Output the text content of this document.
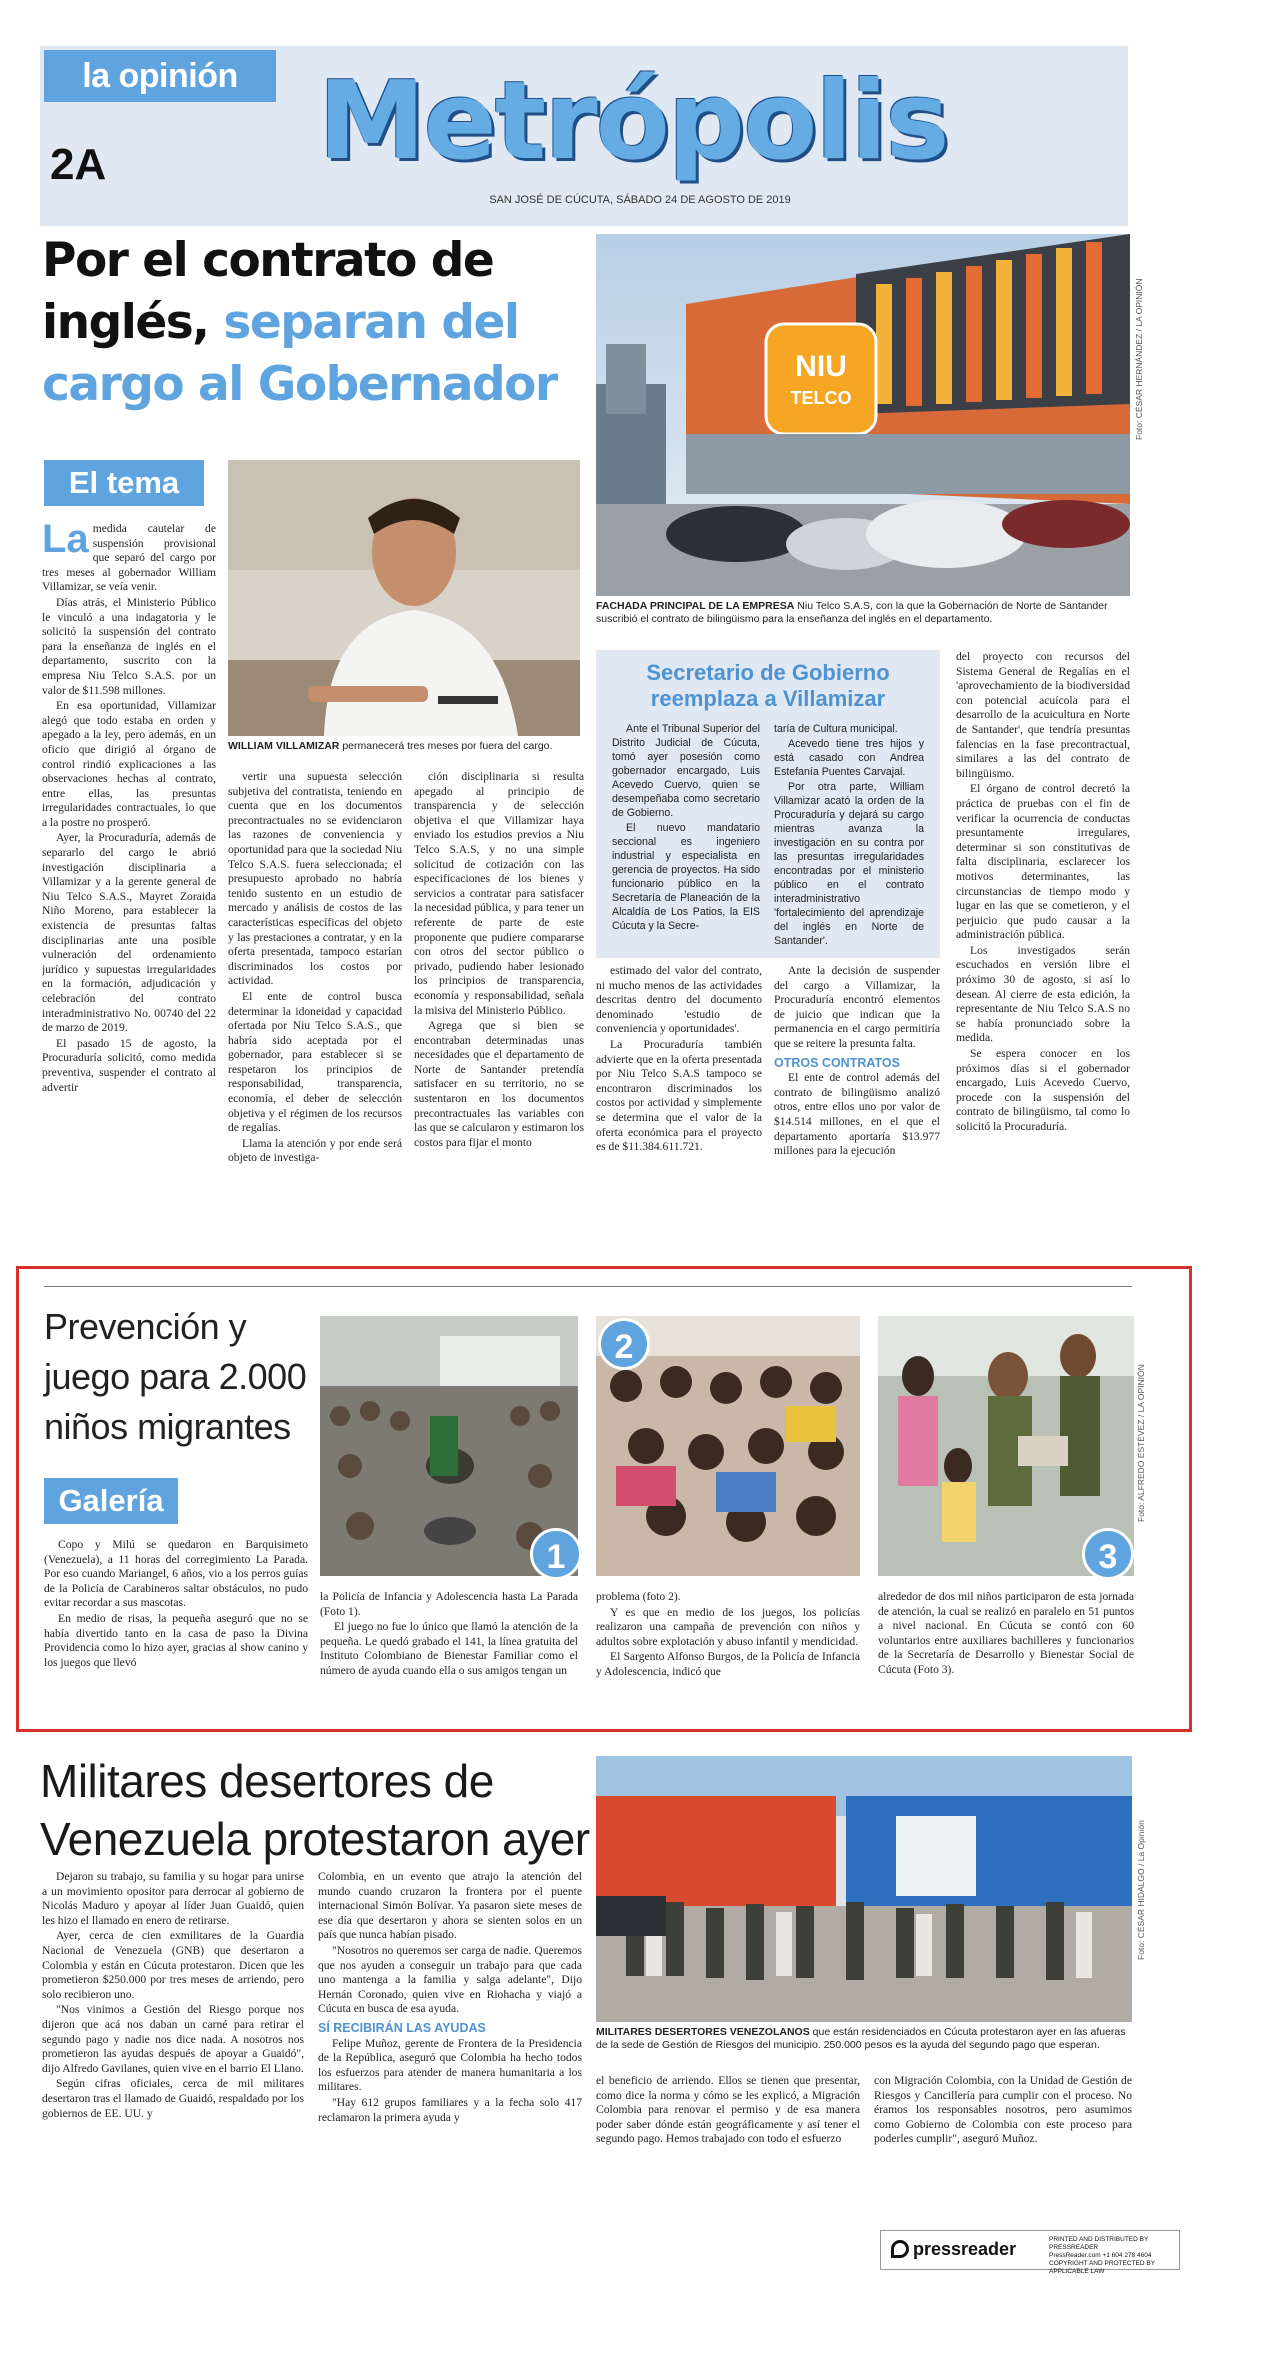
la opinión
2A Metrópolis
SAN JOSÉ DE CÚCUTA, SÁBADO 24 DE AGOSTO DE 2019
Por el contrato de inglés, separan del cargo al Gobernador	NIU
TELCO	Foto: CÉSAR HERNÁNDEZ / LA OPINIÓN
FACHADA PRINCIPAL DE LA EMPRESA Niu Telco S.A.S, con la que la Gobernación de Norte de Santander suscribió el contrato de bilingüismo para la enseñanza del inglés en el departamento.
WILLIAM VILLAMIZAR permanecerá tres meses por fuera del cargo.
El tema

La medida cautelar de suspensión provisional que separó del cargo por tres meses al gobernador William Villamizar, se veía venir.

Días atrás, el Ministerio Público le vinculó a una indagatoria y le solicitó la suspensión del contrato para la enseñanza de inglés en el departamento, suscrito con la empresa Niu Telco S.A.S. por un valor de $11.598 millones.

En esa oportunidad, Villamizar alegó que todo estaba en orden y apegado a la ley, pero además, en un oficio que dirigió al órgano de control rindió explicaciones a las observaciones hechas al contrato, entre ellas, las presuntas irregularidades contractuales, lo que a la postre no prosperó.

Ayer, la Procuraduría, además de separarlo del cargo le abrió investigación disciplinaria a Villamizar y a la gerente general de Niu Telco S.A.S., Mayret Zoraida Niño Moreno, para establecer la existencia de presuntas faltas disciplinarias ante una posible vulneración del ordenamiento jurídico y supuestas irregularidades en la formación, adjudicación y celebración del contrato interadministrativo No. 00740 del 22 de marzo de 2019.

El pasado 15 de agosto, la Procuraduría solicitó, como medida preventiva, suspender el contrato al advertir

vertir una supuesta selección subjetiva del contratista, teniendo en cuenta que en los documentos precontractuales no se evidenciaron las razones de conveniencia y oportunidad para que la sociedad Niu Telco S.A.S. fuera seleccionada; el presupuesto aprobado no habría tenido sustento en un estudio de mercado y análisis de costos de las características específicas del objeto y las prestaciones a contratar, y en la oferta presentada, tampoco estarían discriminados los costos por actividad.

El ente de control busca determinar la idoneidad y capacidad ofertada por Niu Telco S.A.S., que habría sido aceptada por el gobernador, para establecer si se respetaron los principios de responsabilidad, transparencia, economía, el deber de selección objetiva y el régimen de los recursos de regalías.

Llama la atención y por ende será objeto de investiga-

ción disciplinaria si resulta apegado al principio de transparencia y de selección objetiva el que Villamizar haya enviado los estudios previos a Niu Telco S.A.S, y no una simple solicitud de cotización con las especificaciones de los bienes y servicios a contratar para satisfacer la necesidad pública, y para tener un referente de parte de este proponente que pudiere compararse con otros del sector público o privado, pudiendo haber lesionado los principios de transparencia, economía y responsabilidad, señala la misiva del Ministerio Público.

Agrega que si bien se encontraban determinadas unas necesidades que el departamento de Norte de Santander pretendía satisfacer en su territorio, no se sustentaron en los documentos precontractuales las variables con las que se calcularon y estimaron los costos para fijar el monto

Secretario de Gobierno reemplaza a Villamizar

Ante el Tribunal Superior del Distrito Judicial de Cúcuta, tomó ayer posesión como gobernador encargado, Luis Acevedo Cuervo, quien se desempeñaba como secretario de Gobierno.

El nuevo mandatario seccional es ingeniero industrial y especialista en gerencia de proyectos. Ha sido funcionario público en la Secretaría de Planeación de la Alcaldía de Los Patios, la EIS Cúcuta y la Secre-

taría de Cultura municipal.

Acevedo tiene tres hijos y está casado con Andrea Estefanía Puentes Carvajal.

Por otra parte, William Villamizar acató la orden de la Procuraduría y dejará su cargo mientras avanza la investigación en su contra por las presuntas irregularidades encontradas por el ministerio público en el contrato interadministrativo 'fortalecimiento del aprendizaje del inglés en Norte de Santander'.

estimado del valor del contrato, ni mucho menos de las actividades descritas dentro del documento denominado 'estudio de conveniencia y oportunidades'.

La Procuraduría también advierte que en la oferta presentada por Niu Telco S.A.S tampoco se encontraron discriminados los costos por actividad y simplemente se determina que el valor de la oferta económica para el proyecto es de $11.384.611.721.

Ante la decisión de suspender del cargo a Villamizar, la Procuraduría encontró elementos de juicio que indican que la permanencia en el cargo permitiría que se reitere la presunta falta.

OTROS CONTRATOS

El ente de control además del contrato de bilingüismo analizó otros, entre ellos uno por valor de $14.514 millones, en el que el departamento aportaría $13.977 millones para la ejecución

del proyecto con recursos del Sistema General de Regalías en el 'aprovechamiento de la biodiversidad con potencial acuícola para el desarrollo de la acuicultura en Norte de Santander', que tendría presuntas falencias en la fase precontractual, similares a las del contrato de bilingüismo.

El órgano de control decretó la práctica de pruebas con el fin de verificar la ocurrencia de conductas presuntamente irregulares, determinar si son constitutivas de falta disciplinaria, esclarecer los motivos determinantes, las circunstancias de tiempo modo y lugar en las que se cometieron, y el perjuicio que pudo causar a la administración pública.

Los investigados serán escuchados en versión libre el próximo 30 de agosto, si así lo desean. Al cierre de esta edición, la representante de Niu Telco S.A.S no se había pronunciado sobre la medida.

Se espera conocer en los próximos días si el gobernador encargado, Luis Acevedo Cuervo, procede con la suspensión del contrato de bilingüismo, tal como lo solicitó la Procuraduría.

Prevención y juego para 2.000 niños migrantes
Galería
1
2
Foto: ALFREDO ESTÉVEZ / LA OPINIÓN
3

Copo y Milú se quedaron en Barquisimeto (Venezuela), a 11 horas del corregimiento La Parada. Por eso cuando Mariangel, 6 años, vio a los perros guías de la Policía de Carabineros saltar obstáculos, no pudo evitar recordar a sus mascotas.

En medio de risas, la pequeña aseguró que no se había divertido tanto en la casa de paso la Divina Providencia como lo hizo ayer, gracias al show canino y los juegos que llevó

la Policía de Infancia y Adolescencia hasta La Parada (Foto 1).

El juego no fue lo único que llamó la atención de la pequeña. Le quedó grabado el 141, la línea gratuita del Instituto Colombiano de Bienestar Familiar como el número de ayuda cuando ella o sus amigos tengan un

problema (foto 2).

Y es que en medio de los juegos, los policías realizaron una campaña de prevención con niños y adultos sobre explotación y abuso infantil y mendicidad.

El Sargento Alfonso Burgos, de la Policía de Infancia y Adolescencia, indicó que

alrededor de dos mil niños participaron de esta jornada de atención, la cual se realizó en paralelo en 51 puntos a nivel nacional. En Cúcuta se contó con 60 voluntarios entre auxiliares bachilleres y funcionarios de la Secretaría de Desarrollo y Bienestar Social de Cúcuta (Foto 3).

Militares desertores de Venezuela protestaron ayer	Foto: CÉSAR HIDALGO / La Opinión
MILITARES DESERTORES VENEZOLANOS que están residenciados en Cúcuta protestaron ayer en las afueras de la sede de Gestión de Riesgos del municipio. 250.000 pesos es la ayuda del segundo pago que esperan.

Dejaron su trabajo, su familia y su hogar para unirse a un movimiento opositor para derrocar al gobierno de Nicolás Maduro y apoyar al líder Juan Guaidó, quien les hizo el llamado en enero de retirarse.

Ayer, cerca de cien exmilitares de la Guardia Nacional de Venezuela (GNB) que desertaron a Colombia y están en Cúcuta protestaron. Dicen que les prometieron $250.000 por tres meses de arriendo, pero solo recibieron uno.

"Nos vinimos a Gestión del Riesgo porque nos dijeron que acá nos daban un carné para retirar el segundo pago y nadie nos dice nada. A nosotros nos prometieron las ayudas después de apoyar a Guaidó", dijo Alfredo Gavilanes, quien vive en el barrio El Llano.

Según cifras oficiales, cerca de mil militares desertaron tras el llamado de Guaidó, respaldado por los gobiernos de EE. UU. y

Colombia, en un evento que atrajo la atención del mundo cuando cruzaron la frontera por el puente internacional Simón Bolívar. Ya pasaron siete meses de ese día que desertaron y ahora se sienten solos en un país que nunca habían pisado.

"Nosotros no queremos ser carga de nadie. Queremos que nos ayuden a conseguir un trabajo para que cada uno mantenga a la familia y salga adelante", Dijo Hernán Coronado, quien vive en Riohacha y viajó a Cúcuta en busca de esa ayuda.

SÍ RECIBIRÁN LAS AYUDAS

Felipe Muñoz, gerente de Frontera de la Presidencia de la República, aseguró que Colombia ha hecho todos los esfuerzos para atender de manera humanitaria a los militares.

"Hay 612 grupos familiares y a la fecha solo 417 reclamaron la primera ayuda y

el beneficio de arriendo. Ellos se tienen que presentar, como dice la norma y cómo se les explicó, a Migración Colombia para renovar el permiso y de esa manera poder saber dónde están geográficamente y así tener el segundo pago. Hemos trabajado con todo el esfuerzo

con Migración Colombia, con la Unidad de Gestión de Riesgos y Cancillería para cumplir con el proceso. No éramos los responsables nosotros, pero asumimos como Gobierno de Colombia con este proceso para poderles cumplir", aseguró Muñoz.

pressreader	PRINTED AND DISTRIBUTED BY PRESSREADER
PressReader.com +1 604 278 4604
COPYRIGHT AND PROTECTED BY APPLICABLE LAW
